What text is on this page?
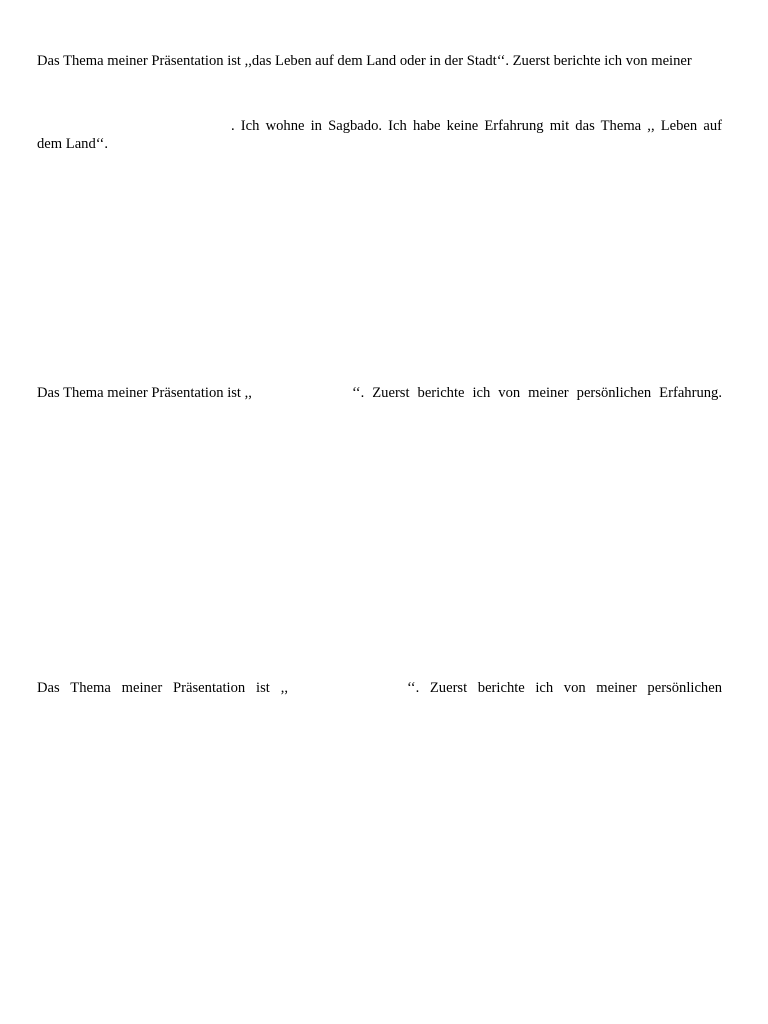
Das Thema meiner Präsentation ist ,,das Leben auf dem Land oder in der Stadt‘‘. Zuerst berichte ich von meiner
. Ich wohne in Sagbado. Ich habe keine Erfahrung mit das Thema ,, Leben auf
dem Land‘‘.
Das Thema meiner Präsentation ist ,,	‘‘. Zuerst berichte ich von meiner persönlichen Erfahrung.
Das Thema meiner Präsentation ist ,,	‘‘. Zuerst berichte ich von meiner persönlichen
